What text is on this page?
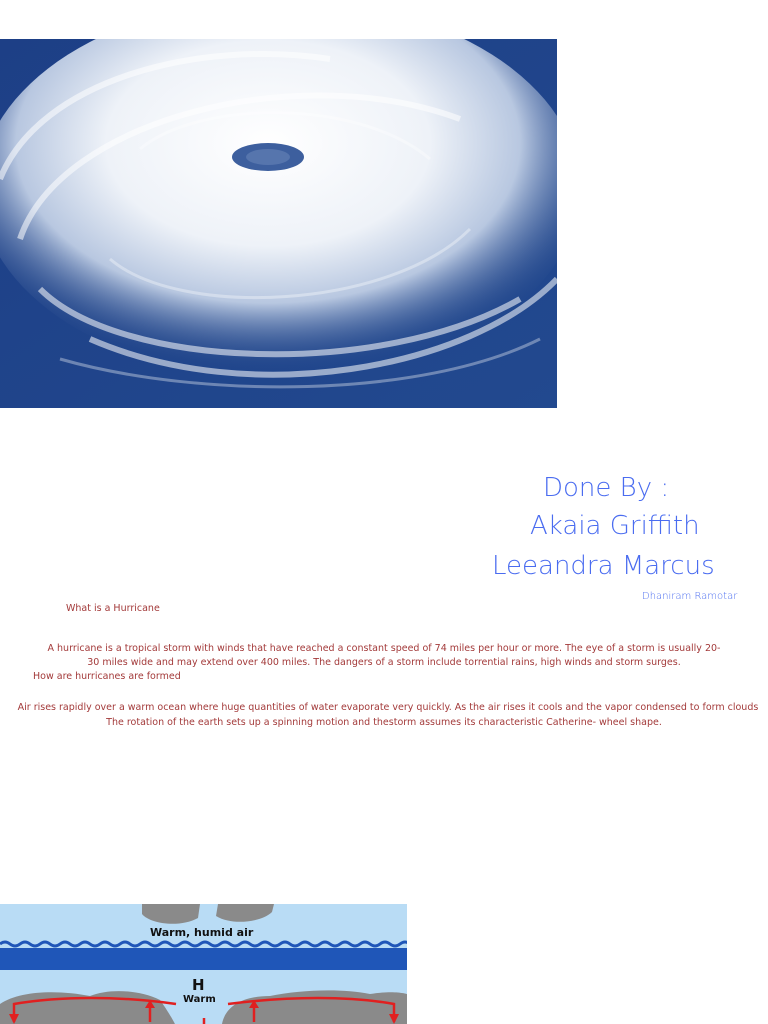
Done By :
Akaia Griffith
Leeandra Marcus
Dhaniram Ramotar
What is a Hurricane
A hurricane is a tropical storm with winds that have reached a constant speed of 74 miles per hour or more. The eye of a storm is usually 20-
30 miles wide and may extend over 400 miles. The dangers of a storm include torrential rains, high winds and storm surges.
How are hurricanes are formed
Air rises rapidly over a warm ocean where huge quantities of water evaporate very quickly. As the air rises it cools and the vapor condensed to form clouds
The rotation of the earth sets up a spinning motion and thestorm assumes its characteristic Catherine- wheel shape.
Warm, humid air
H
Warm
